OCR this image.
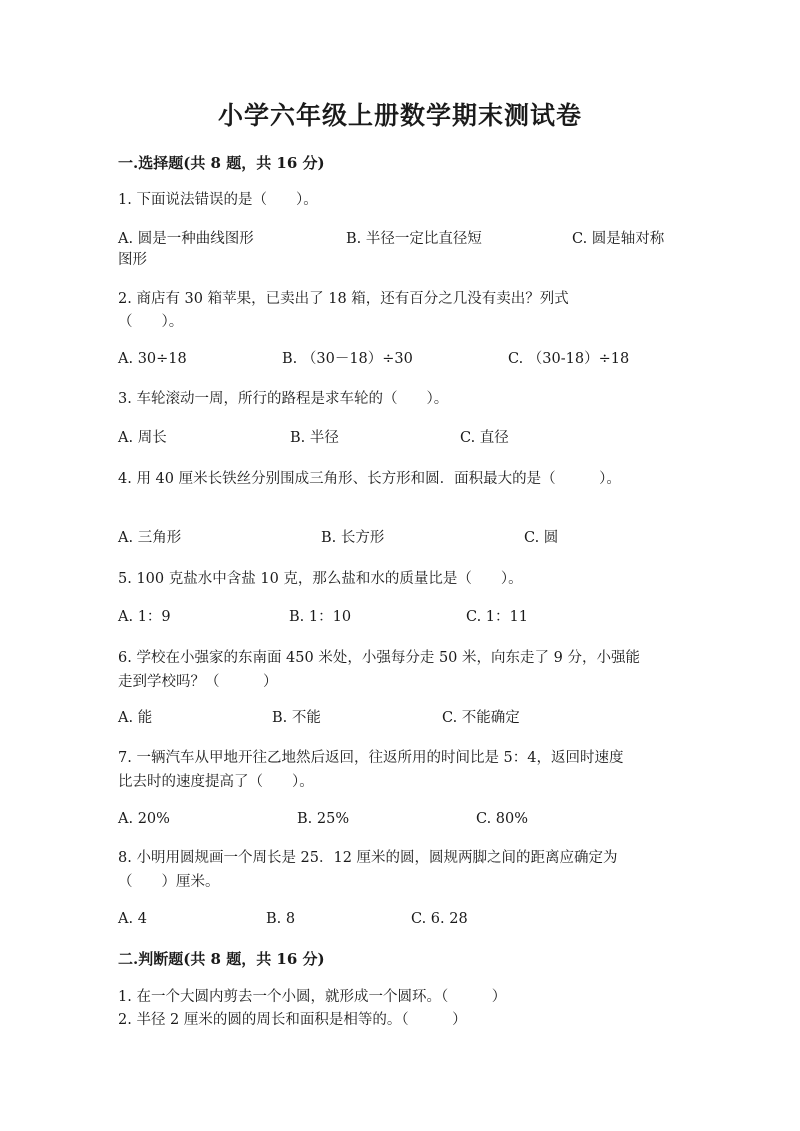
小学六年级上册数学期末测试卷
一.选择题(共 8 题，共 16 分)
1. 下面说法错误的是（　　）。
A. 圆是一种曲线图形	B. 半径一定比直径短	C. 圆是轴对称
图形
2. 商店有 30 箱苹果，已卖出了 18 箱，还有百分之几没有卖出？列式
（　　）。
A. 30÷18	B. （30－18）÷30	C. （30-18）÷18
3. 车轮滚动一周，所行的路程是求车轮的（　　）。
A. 周长	B. 半径	C. 直径
4. 用 40 厘米长铁丝分别围成三角形、长方形和圆．面积最大的是（　　　）。
A. 三角形	B. 长方形	C. 圆
5. 100 克盐水中含盐 10 克，那么盐和水的质量比是（　　）。
A. 1：9	B. 1：10	C. 1：11
6. 学校在小强家的东南面 450 米处，小强每分走 50 米，向东走了 9 分，小强能
走到学校吗？（　　　）
A. 能	B. 不能	C. 不能确定
7. 一辆汽车从甲地开往乙地然后返回，往返所用的时间比是 5：4，返回时速度
比去时的速度提高了（　　）。
A. 20%	B. 25%	C. 80%
8. 小明用圆规画一个周长是 25．12 厘米的圆，圆规两脚之间的距离应确定为
（　　）厘米。
A. 4	B. 8	C. 6. 28
二.判断题(共 8 题，共 16 分)
1. 在一个大圆内剪去一个小圆，就形成一个圆环。（　　　）
2. 半径 2 厘米的圆的周长和面积是相等的。（　　　）
